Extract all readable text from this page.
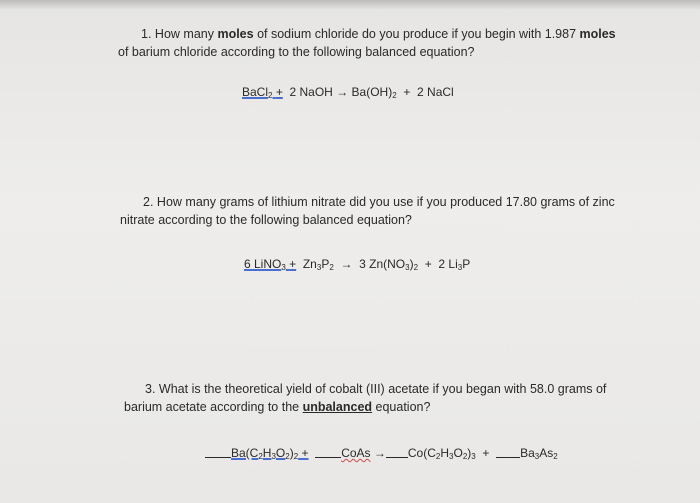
1. How many moles of sodium chloride do you produce if you begin with 1.987 moles
of barium chloride according to the following balanced equation?
BaCl$_2$ + 2 NaOH → $Ba(OH)_2 + 2$ NaCl
2. How many grams of lithium nitrate did you use if you produced 17.80 grams of zinc
nitrate according to the following balanced equation?
6 LiNO$_3$ + $Zn_3P_2 \to 3$ $Zn(NO_3)_2 + 2$ $Li_3P$
3. What is the theoretical yield of cobalt (III) acetate if you began with 58.0 grams of
barium acetate according to the unbalanced equation?
$Ba(C_2H_3O_2)_2$ +	CoAs → $Co(C_2H_3O_2)_3$ +	$Ba_3As_2$
